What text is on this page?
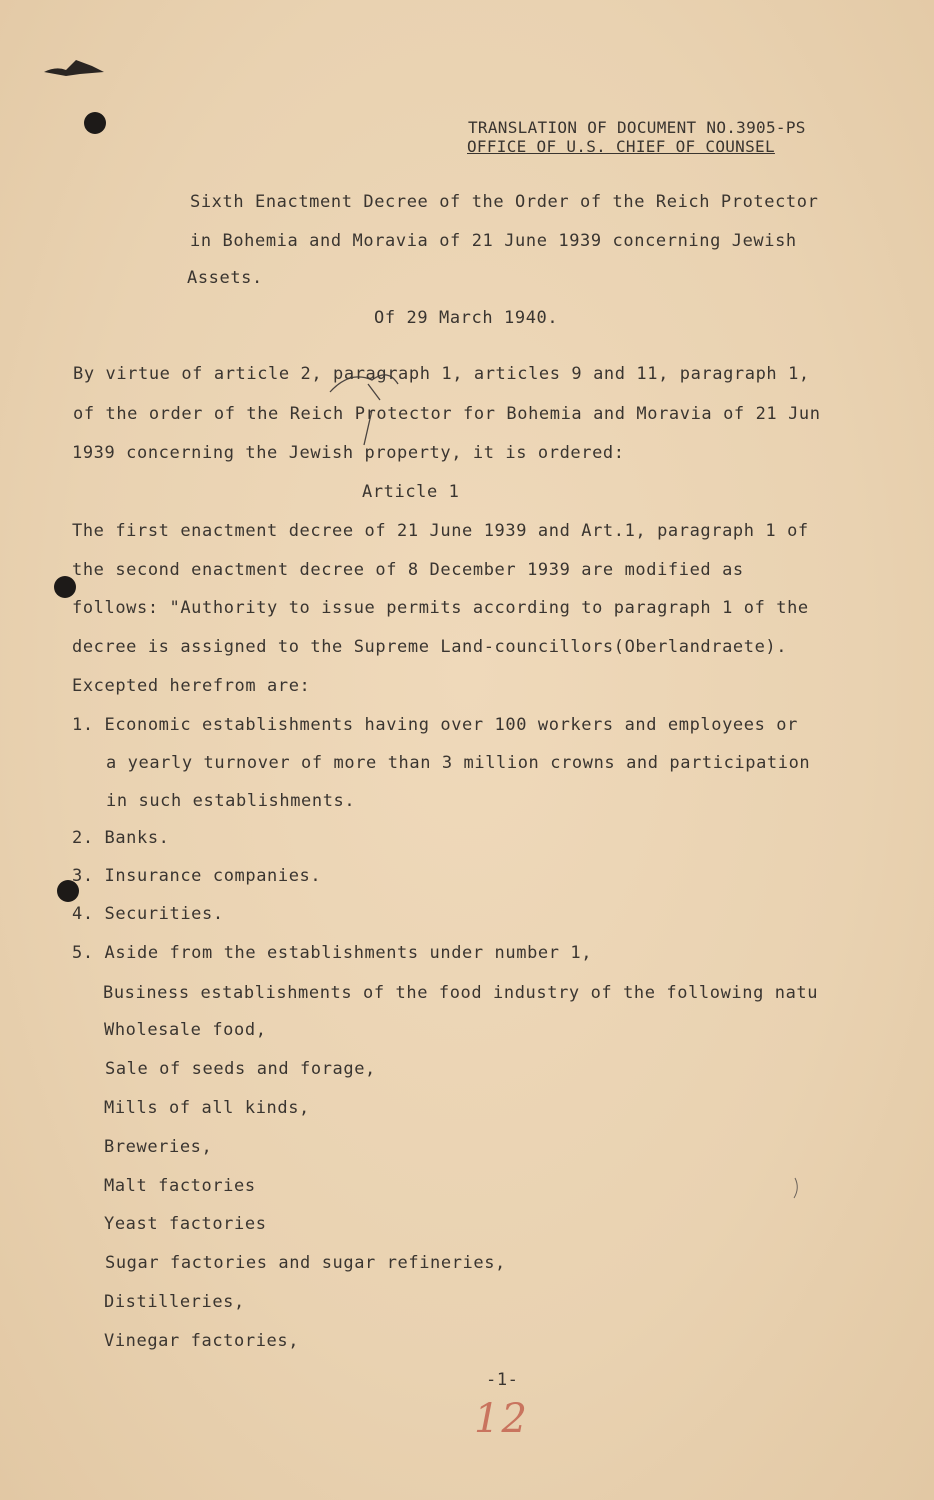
TRANSLATION OF DOCUMENT NO.3905-PS
OFFICE OF U.S. CHIEF OF COUNSEL
Sixth Enactment Decree of the Order of the Reich Protector
in Bohemia and Moravia of 21 June 1939 concerning Jewish
Assets.
Of 29 March 1940.
By virtue of article 2, paragraph 1, articles 9 and 11, paragraph 1,
of the order of the Reich Protector for Bohemia and Moravia of 21 Jun
1939 concerning the Jewish property, it is ordered:
Article 1
The first enactment decree of 21 June 1939 and Art.1, paragraph 1 of
the second enactment decree of 8 December 1939 are modified as
follows: "Authority to issue permits according to paragraph 1 of the
decree is assigned to the Supreme Land-councillors(Oberlandraete).
Excepted herefrom are:
1. Economic establishments having over 100 workers and employees or
a yearly turnover of more than 3 million crowns and participation
in such establishments.
2. Banks.
3. Insurance companies.
4. Securities.
5. Aside from the establishments under number 1,
Business establishments of the food industry of the following natu
Wholesale food,
Sale of seeds and forage,
Mills of all kinds,
Breweries,
Malt factories
Yeast factories
Sugar factories and sugar refineries,
Distilleries,
Vinegar factories,
-1-
12
